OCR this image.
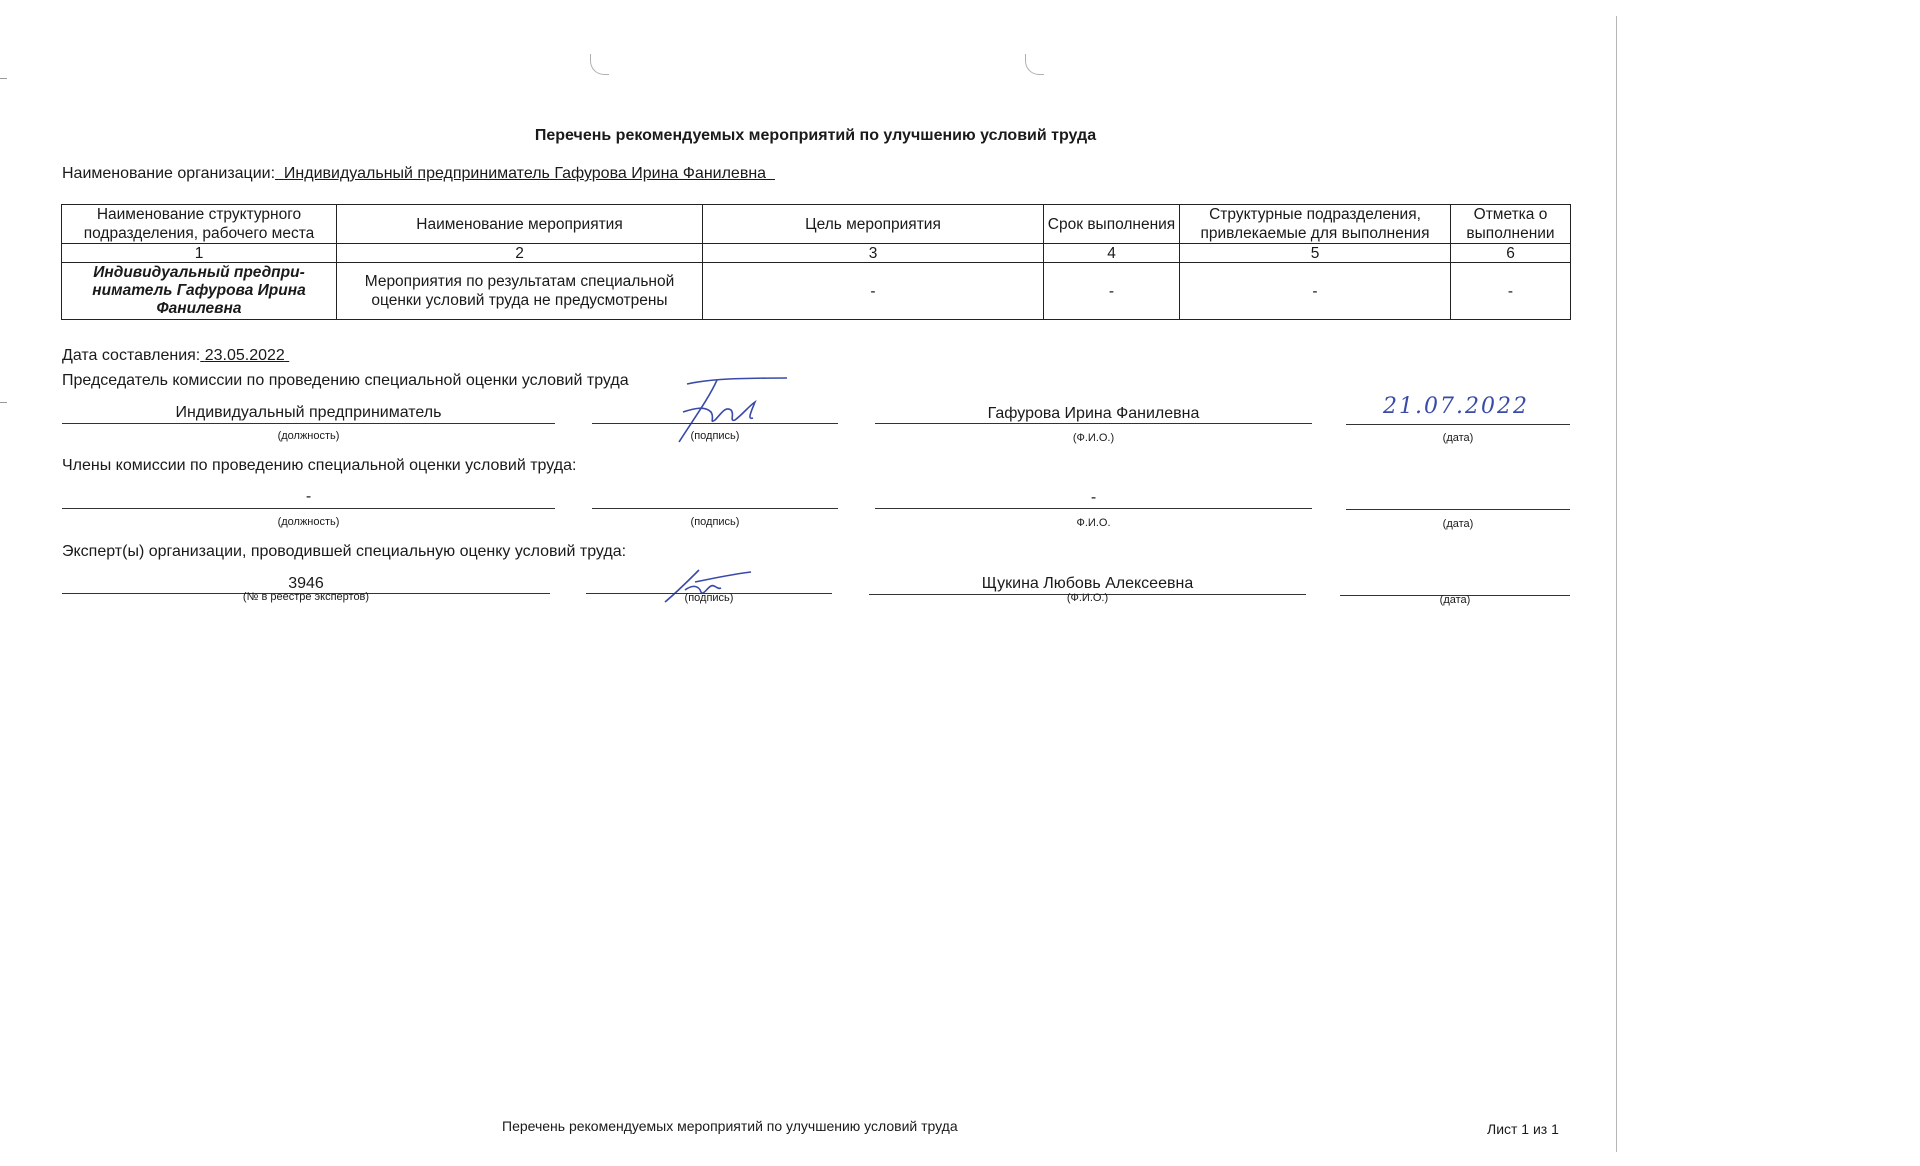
Перечень рекомендуемых мероприятий по улучшению условий труда
Наименование организации: Индивидуальный предприниматель Гафурова Ирина Фанилевна
Наименование структурного подразделения, рабочего места	Наименование мероприятия	Цель мероприятия	Срок выполнения	Структурные подразделения, привлекаемые для выполнения	Отметка о выполнении
1	2	3	4	5	6
Индивидуальный предпри-ниматель Гафурова Ирина Фанилевна	Мероприятия по результатам специальной оценки условий труда не предусмотрены	-	-	-	-
Дата составления: 23.05.2022
Председатель комиссии по проведению специальной оценки условий труда
Индивидуальный предприниматель
(должность)	(подпись)
Гафурова Ирина Фанилевна
(Ф.И.О.)
21.07.2022
(дата)
Члены комиссии по проведению специальной оценки условий труда:
-
(должность)	(подпись)
-
Ф.И.О.	(дата)
Эксперт(ы) организации, проводившей специальную оценку условий труда:
3946
(№ в реестре экспертов)	(подпись)
Щукина Любовь Алексеевна
(Ф.И.О.)	(дата)
Перечень рекомендуемых мероприятий по улучшению условий труда	Лист 1 из 1
